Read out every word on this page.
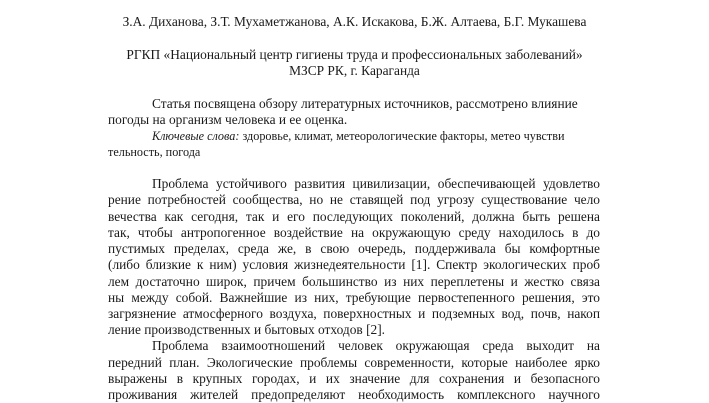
З.А. Диханова, З.Т. Мухаметжанова, А.К. Искакова, Б.Ж. Алтаева, Б.Г. Мукашева
РГКП «Национальный центр гигиены труда и профессиональных заболеваний»
МЗСР РК, г. Караганда
Статья посвящена обзору литературных источников, рассмотрено влияние
погоды на организм человека и ее оценка.
Ключевые слова: здоровье, климат, метеорологические факторы, метео чувстви
тельность, погода
Проблема устойчивого развития цивилизации, обеспечивающей удовлетво
рение потребностей сообщества, но не ставящей под угрозу существование чело
вечества как сегодня, так и его последующих поколений, должна быть решена
так, чтобы антропогенное воздействие на окружающую среду находилось в до
пустимых пределах, среда же, в свою очередь, поддерживала бы комфортные
(либо близкие к ним) условия жизнедеятельности [1]. Спектр экологических проб
лем достаточно широк, причем большинство из них переплетены и жестко связа
ны между собой. Важнейшие из них, требующие первостепенного решения, это
загрязнение атмосферного воздуха, поверхностных и подземных вод, почв, накоп
ление производственных и бытовых отходов [2].
Проблема взаимоотношений человек окружающая среда выходит на
передний план. Экологические проблемы современности, которые наиболее ярко
выражены в крупных городах, и их значение для сохранения и безопасного
проживания жителей предопределяют необходимость комплексного научного
